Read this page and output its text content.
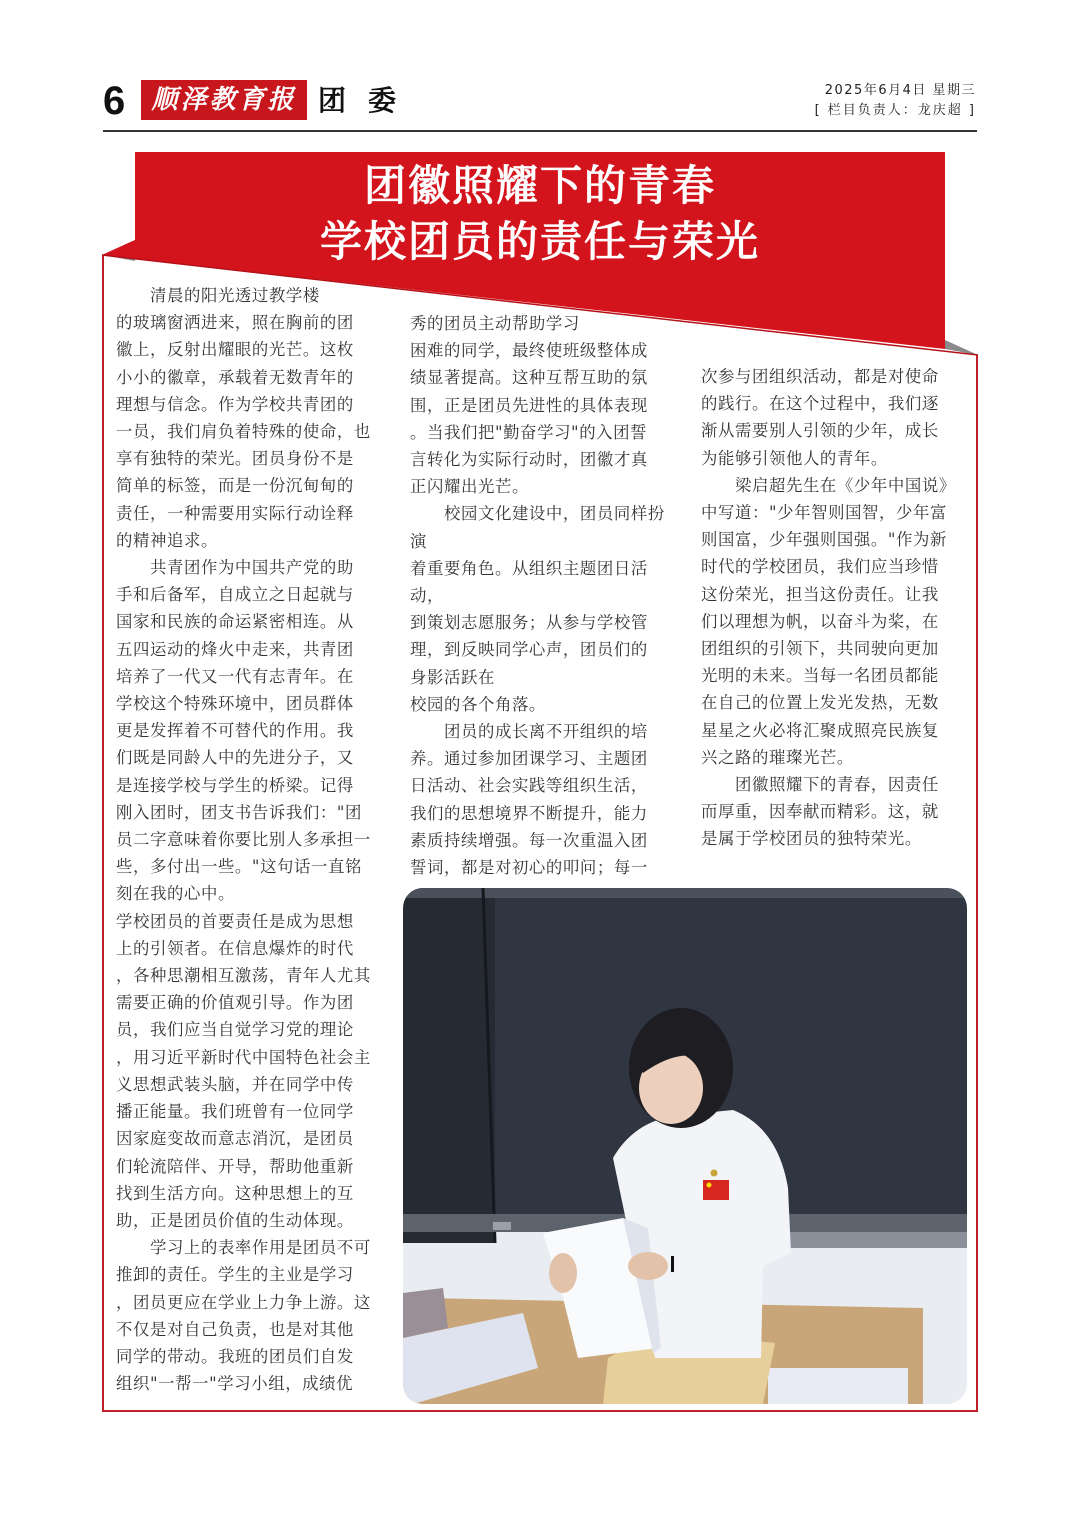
6	顺泽教育报 团委	2025年6月4日 星期三
[ 栏目负责人：龙庆超 ]
团徽照耀下的青春
学校团员的责任与荣光

　　清晨的阳光透过教学楼

的玻璃窗洒进来，照在胸前的团

徽上，反射出耀眼的光芒。这枚

小小的徽章，承载着无数青年的

理想与信念。作为学校共青团的

一员，我们肩负着特殊的使命，也

享有独特的荣光。团员身份不是

简单的标签，而是一份沉甸甸的

责任，一种需要用实际行动诠释

的精神追求。

　　共青团作为中国共产党的助

手和后备军，自成立之日起就与

国家和民族的命运紧密相连。从

五四运动的烽火中走来，共青团

培养了一代又一代有志青年。在

学校这个特殊环境中，团员群体

更是发挥着不可替代的作用。我

们既是同龄人中的先进分子，又

是连接学校与学生的桥梁。记得

刚入团时，团支书告诉我们："团

员二字意味着你要比别人多承担一

些，多付出一些。"这句话一直铭

刻在我的心中。

学校团员的首要责任是成为思想

上的引领者。在信息爆炸的时代

，各种思潮相互激荡，青年人尤其

需要正确的价值观引导。作为团

员，我们应当自觉学习党的理论

，用习近平新时代中国特色社会主

义思想武装头脑，并在同学中传

播正能量。我们班曾有一位同学

因家庭变故而意志消沉，是团员

们轮流陪伴、开导，帮助他重新

找到生活方向。这种思想上的互

助，正是团员价值的生动体现。

　　学习上的表率作用是团员不可

推卸的责任。学生的主业是学习

，团员更应在学业上力争上游。这

不仅是对自己负责，也是对其他

同学的带动。我班的团员们自发

组织"一帮一"学习小组，成绩优

秀的团员主动帮助学习

困难的同学，最终使班级整体成

绩显著提高。这种互帮互助的氛

围，正是团员先进性的具体表现

。当我们把"勤奋学习"的入团誓

言转化为实际行动时，团徽才真

正闪耀出光芒。

　　校园文化建设中，团员同样扮

演

着重要角色。从组织主题团日活

动，

到策划志愿服务；从参与学校管

理，到反映同学心声，团员们的

身影活跃在

校园的各个角落。

　　团员的成长离不开组织的培

养。通过参加团课学习、主题团

日活动、社会实践等组织生活，

我们的思想境界不断提升，能力

素质持续增强。每一次重温入团

誓词，都是对初心的叩问；每一

次参与团组织活动，都是对使命

的践行。在这个过程中，我们逐

渐从需要别人引领的少年，成长

为能够引领他人的青年。

　　梁启超先生在《少年中国说》

中写道："少年智则国智，少年富

则国富，少年强则国强。"作为新

时代的学校团员，我们应当珍惜

这份荣光，担当这份责任。让我

们以理想为帆，以奋斗为桨，在

团组织的引领下，共同驶向更加

光明的未来。当每一名团员都能

在自己的位置上发光发热，无数

星星之火必将汇聚成照亮民族复

兴之路的璀璨光芒。

　　团徽照耀下的青春，因责任

而厚重，因奉献而精彩。这，就

是属于学校团员的独特荣光。
